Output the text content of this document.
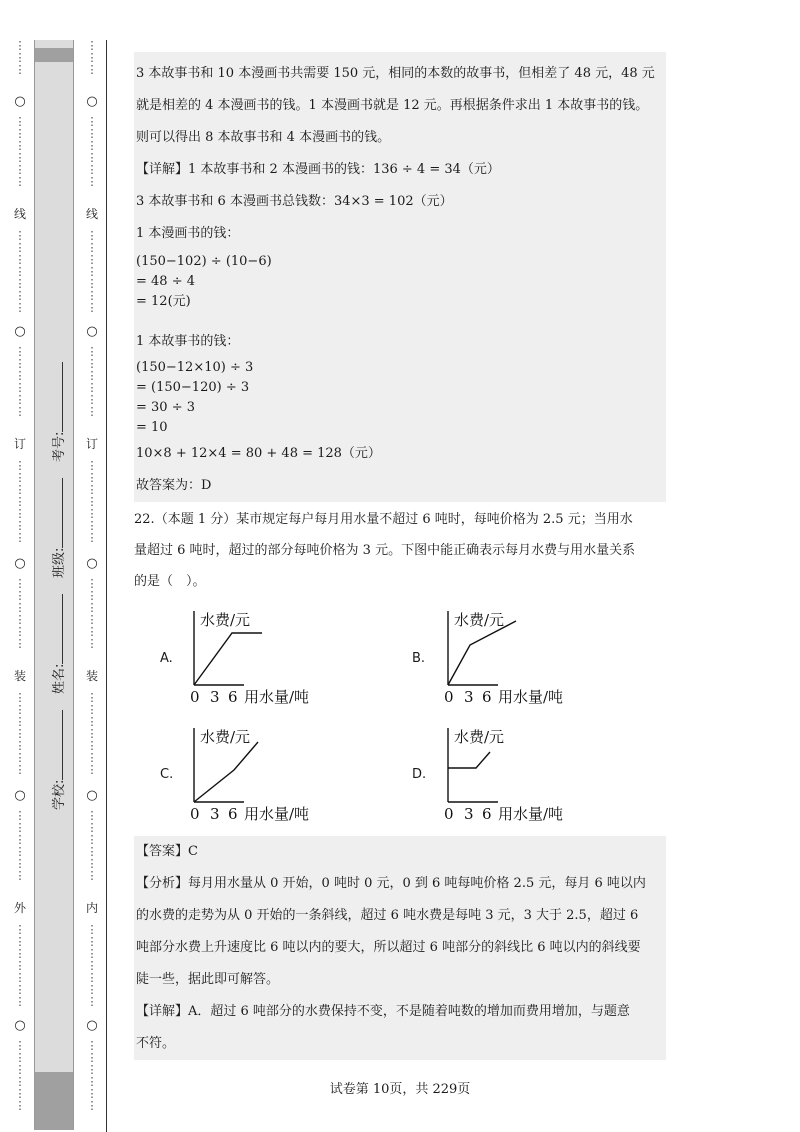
⋮
⋮
⋮
○
⋮
⋮
⋮
⋮
⋮
⋮
线
⋮
⋮
⋮
⋮
⋮
⋮
⋮
○
⋮
⋮
⋮
⋮
⋮
⋮
订
⋮
⋮
⋮
⋮
⋮
⋮
⋮
○
⋮
⋮
⋮
⋮
⋮
⋮
装
⋮
⋮
⋮
⋮
⋮
⋮
⋮
○
⋮
⋮
⋮
⋮
⋮
⋮
外
⋮
⋮
⋮
⋮
⋮
⋮
⋮
○
⋮
⋮
⋮
⋮
⋮
⋮
考号:
班级:
姓名:
学校:
⋮
⋮
⋮
○
⋮
⋮
⋮
⋮
⋮
⋮
线
⋮
⋮
⋮
⋮
⋮
⋮
⋮
○
⋮
⋮
⋮
⋮
⋮
⋮
订
⋮
⋮
⋮
⋮
⋮
⋮
⋮
○
⋮
⋮
⋮
⋮
⋮
⋮
装
⋮
⋮
⋮
⋮
⋮
⋮
⋮
○
⋮
⋮
⋮
⋮
⋮
⋮
内
⋮
⋮
⋮
⋮
⋮
⋮
⋮
○
⋮
⋮
⋮
⋮
⋮
⋮
3 本故事书和 10 本漫画书共需要 150 元，相同的本数的故事书，但相差了 48 元，48 元
就是相差的 4 本漫画书的钱。1 本漫画书就是 12 元。再根据条件求出 1 本故事书的钱。
则可以得出 8 本故事书和 4 本漫画书的钱。
【详解】1 本故事书和 2 本漫画书的钱：136 ÷ 4 = 34（元）
3 本故事书和 6 本漫画书总钱数：34×3 = 102（元）
1 本漫画书的钱：
(150−102) ÷ (10−6)
= 48 ÷ 4
= 12(元)
1 本故事书的钱：
(150−12×10) ÷ 3
= (150−120) ÷ 3
= 30 ÷ 3
= 10
10×8 + 12×4 = 80 + 48 = 128（元）
故答案为：D
22.（本题 1 分）某市规定每户每月用水量不超过 6 吨时，每吨价格为 2.5 元；当用水
量超过 6 吨时，超过的部分每吨价格为 3 元。下图中能正确表示每月水费与用水量关系
的是（　）。
A.	B.
C.	D.
水费/元
0 3 6 用水量/吨
水费/元
0 3 6 用水量/吨
水费/元
0 3 6 用水量/吨
水费/元
0 3 6 用水量/吨
【答案】C
【分析】每月用水量从 0 开始，0 吨时 0 元，0 到 6 吨每吨价格 2.5 元，每月 6 吨以内
的水费的走势为从 0 开始的一条斜线，超过 6 吨水费是每吨 3 元，3 大于 2.5，超过 6
吨部分水费上升速度比 6 吨以内的要大，所以超过 6 吨部分的斜线比 6 吨以内的斜线要
陡一些，据此即可解答。
【详解】A．超过 6 吨部分的水费保持不变，不是随着吨数的增加而费用增加，与题意
不符。
试卷第 10页，共 229页
